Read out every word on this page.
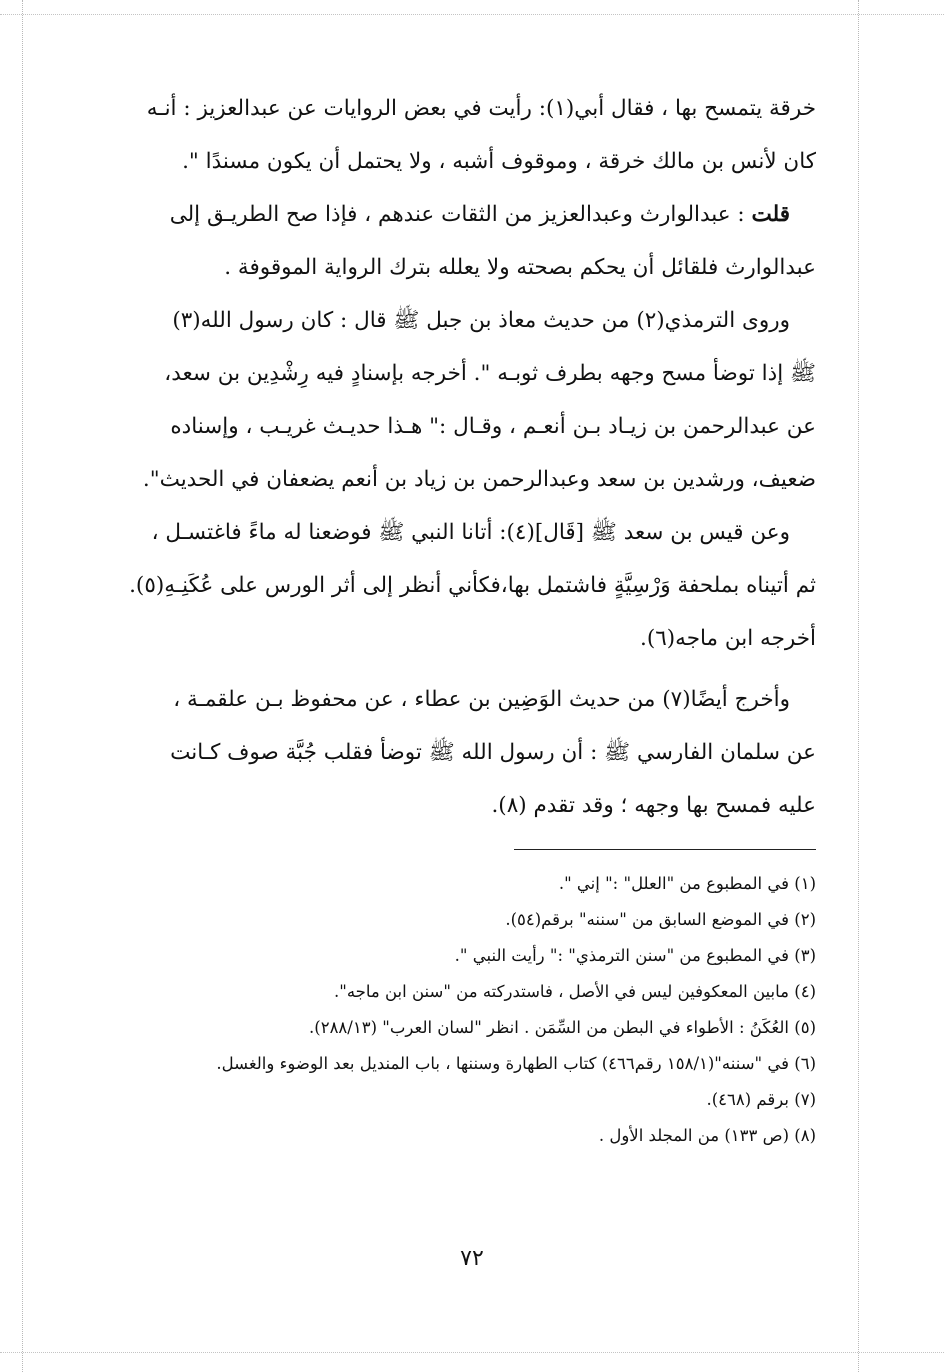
خرقة يتمسح بها ، فقال أبي(١): رأيت في بعض الروايات عن عبدالعزيز : أنـه
كان لأنس بن مالك خرقة ، وموقوف أشبه ، ولا يحتمل أن يكون مسندًا ".

قلت : عبدالوارث وعبدالعزيز من الثقات عندهم ، فإذا صح الطريـق إلى
عبدالوارث فلقائل أن يحكم بصحته ولا يعلله بترك الرواية الموقوفة .

وروى الترمذي(٢) من حديث معاذ بن جبل ﷺ قال : كان رسول الله(٣)
ﷺ إذا توضأ مسح وجهه بطرف ثوبـه ". أخرجه بإسنادٍ فيه رِشْدِين بن سعد،
عن عبدالرحمن بن زيـاد بـن أنعـم ، وقـال :" هـذا حديـث غريـب ، وإسناده
ضعيف، ورشدين بن سعد وعبدالرحمن بن زياد بن أنعم يضعفان في الحديث".

وعن قيس بن سعد ﷺ [قَال](٤): أتانا النبي ﷺ فوضعنا له ماءً فاغتسـل ،
ثم أتيناه بملحفة وَرْسِيَّةٍ فاشتمل بها،فكأني أنظر إلى أثر الورس على عُكَنِـهِ(٥).
أخرجه ابن ماجه(٦).

وأخرج أيضًا(٧) من حديث الوَضِين بن عطاء ، عن محفوظ بـن علقمـة ،
عن سلمان الفارسي ﷺ : أن رسول الله ﷺ توضأ فقلب جُبَّة صوف كـانت
عليه فمسح بها وجهه ؛ وقد تقدم (٨).

(١) في المطبوع من "العلل" :" إني ".

(٢) في الموضع السابق من "سننه" برقم(٥٤).

(٣) في المطبوع من "سنن الترمذي" :" رأيت النبي ".

(٤) مابين المعكوفين ليس في الأصل ، فاستدركته من "سنن ابن ماجه".

(٥) العُكَنُ : الأطواء في البطن من السِّمَن . انظر "لسان العرب" (٢٨٨/١٣).

(٦) في "سننه"(١٥٨/١ رقم٤٦٦) كتاب الطهارة وسننها ، باب المنديل بعد الوضوء والغسل.

(٧) برقم (٤٦٨).

(٨) (ص ١٣٣) من المجلد الأول .

٧٢
